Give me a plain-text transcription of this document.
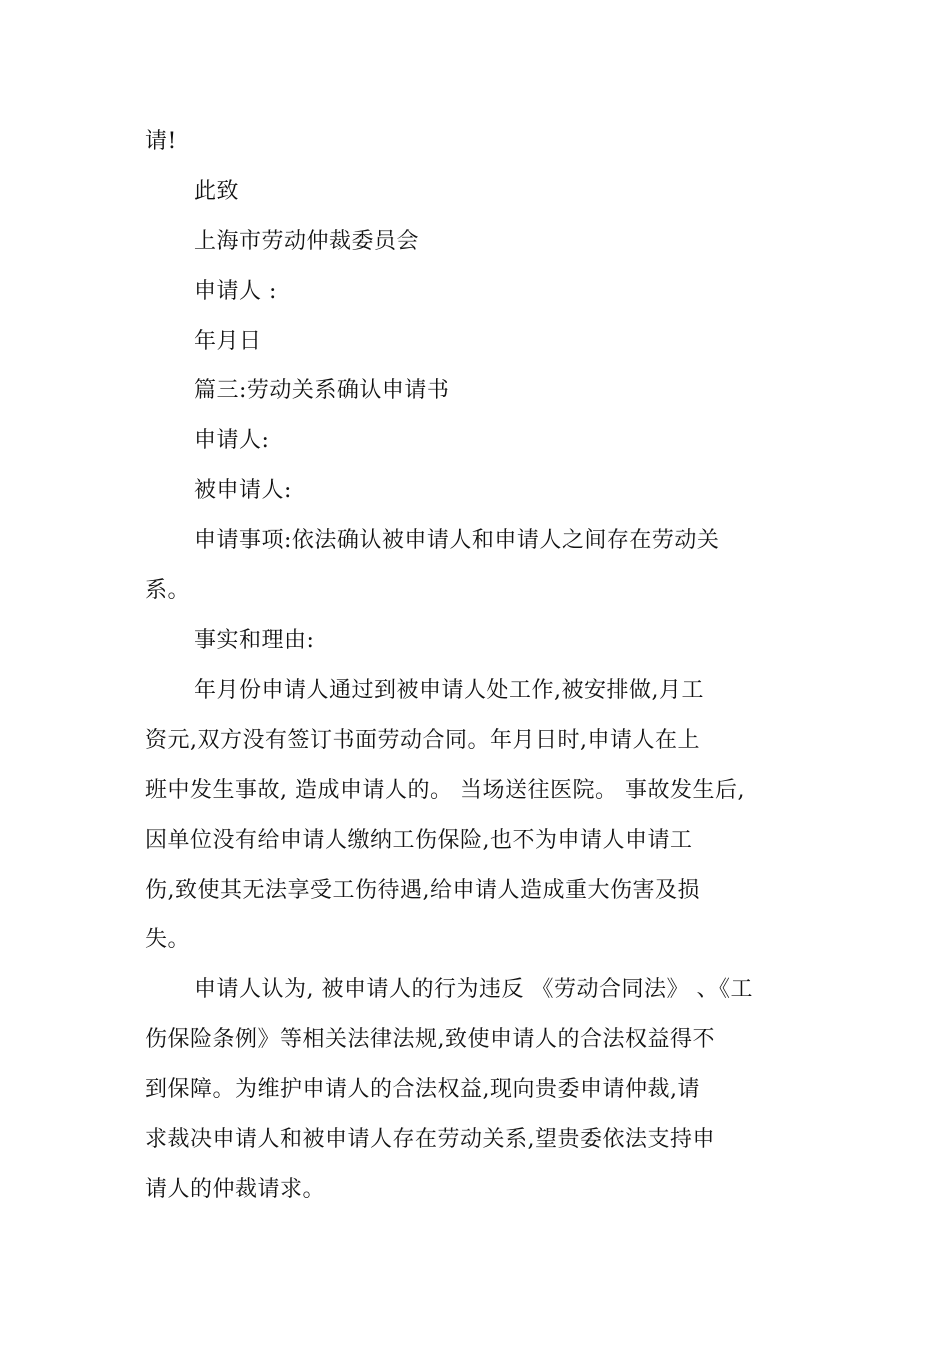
请!
此致
上海市劳动仲裁委员会
申请人 :
年月日
篇三:劳动关系确认申请书
申请人:
被申请人:
申请事项:依法确认被申请人和申请人之间存在劳动关
系。
事实和理由:
年月份申请人通过到被申请人处工作,被安排做,月工
资元,双方没有签订书面劳动合同。年月日时,申请人在上
班中发生事故, 造成申请人的。 当场送往医院。 事故发生后,
因单位没有给申请人缴纳工伤保险,也不为申请人申请工
伤,致使其无法享受工伤待遇,给申请人造成重大伤害及损
失。
申请人认为, 被申请人的行为违反 《劳动合同法》 、《工
伤保险条例》等相关法律法规,致使申请人的合法权益得不
到保障。为维护申请人的合法权益,现向贵委申请仲裁,请
求裁决申请人和被申请人存在劳动关系,望贵委依法支持申
请人的仲裁请求。
